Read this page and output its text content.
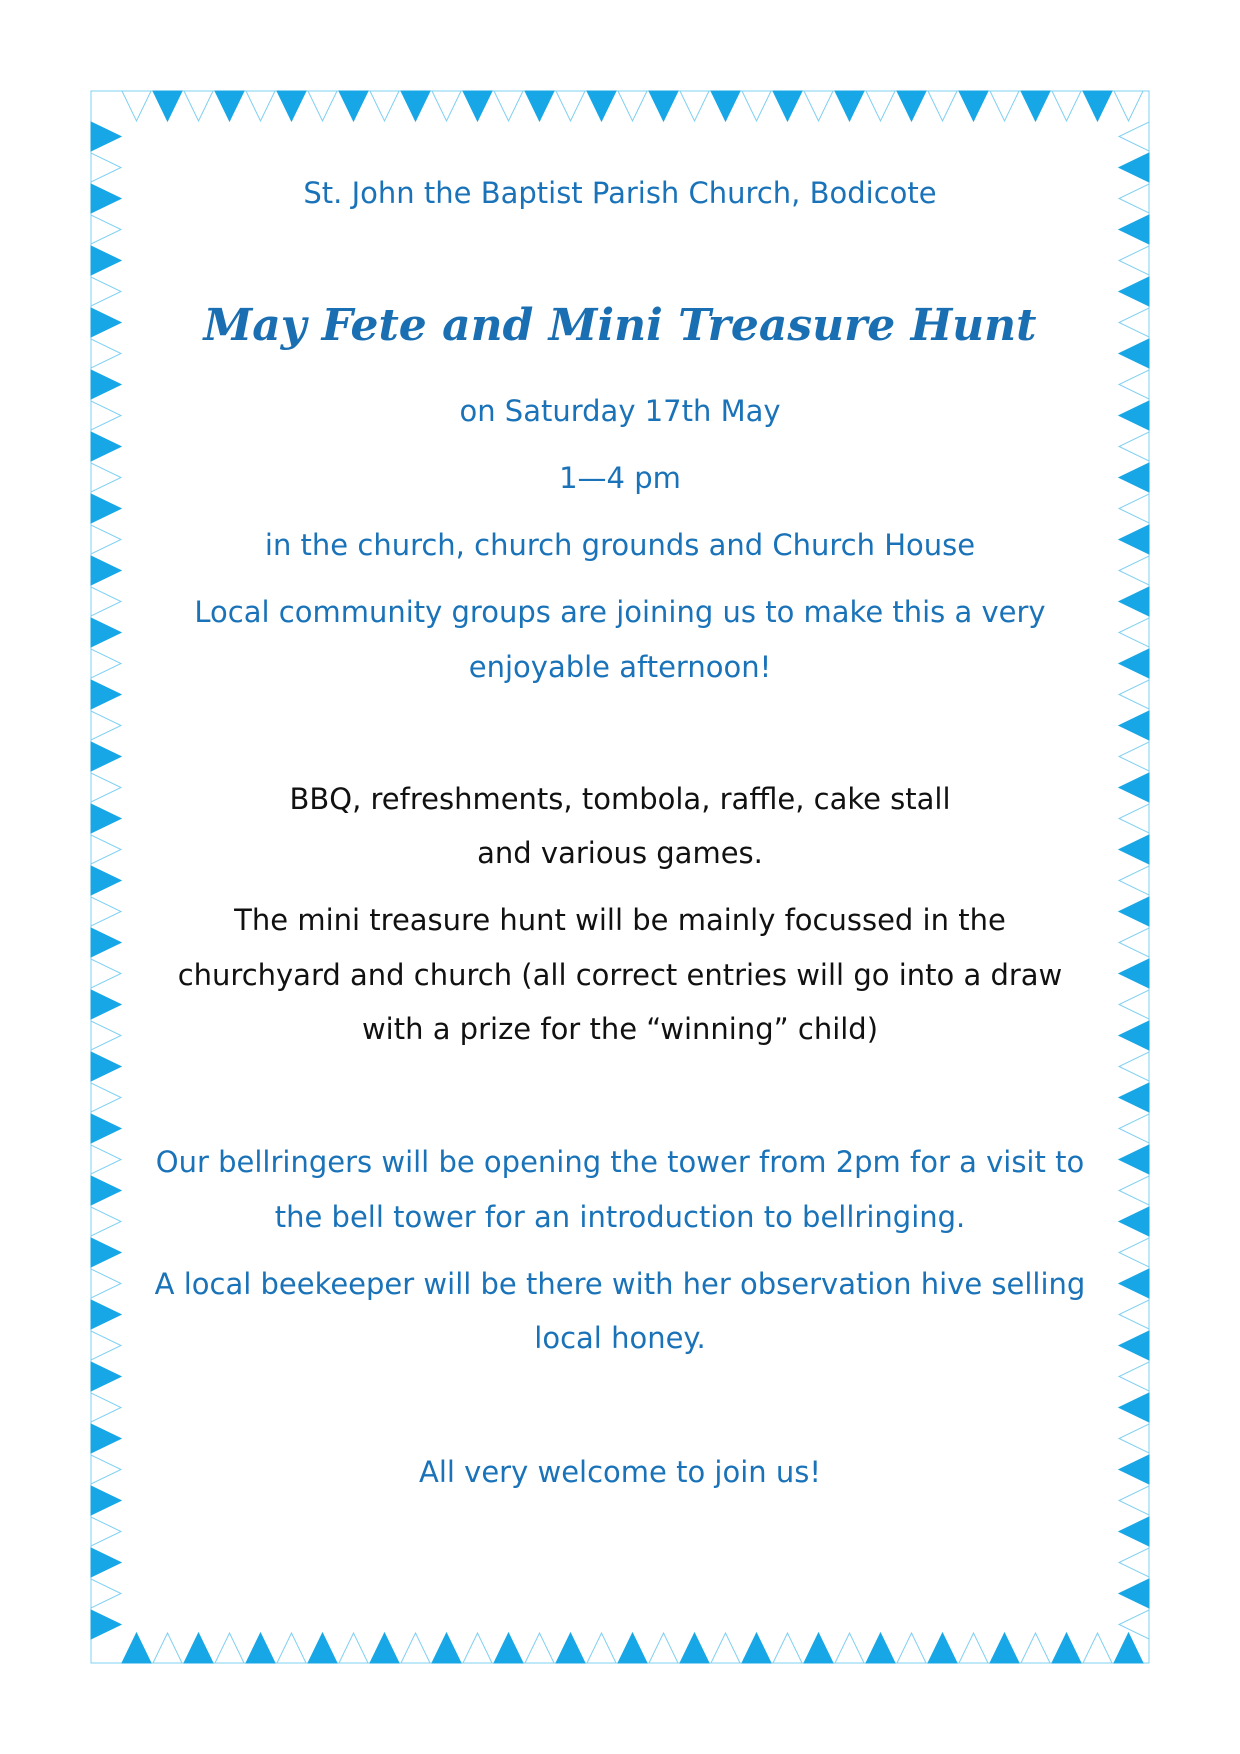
St. John the Baptist Parish Church, Bodicote
May Fete and Mini Treasure Hunt
on Saturday 17th May
1—4 pm
in the church, church grounds and Church House
Local community groups are joining us to make this a very
enjoyable afternoon!
BBQ, refreshments, tombola, raffle, cake stall
and various games.
The mini treasure hunt will be mainly focussed in the
churchyard and church (all correct entries will go into a draw
with a prize for the “winning” child)
Our bellringers will be opening the tower from 2pm for a visit to
the bell tower for an introduction to bellringing.
A local beekeeper will be there with her observation hive selling
local honey.
All very welcome to join us!
